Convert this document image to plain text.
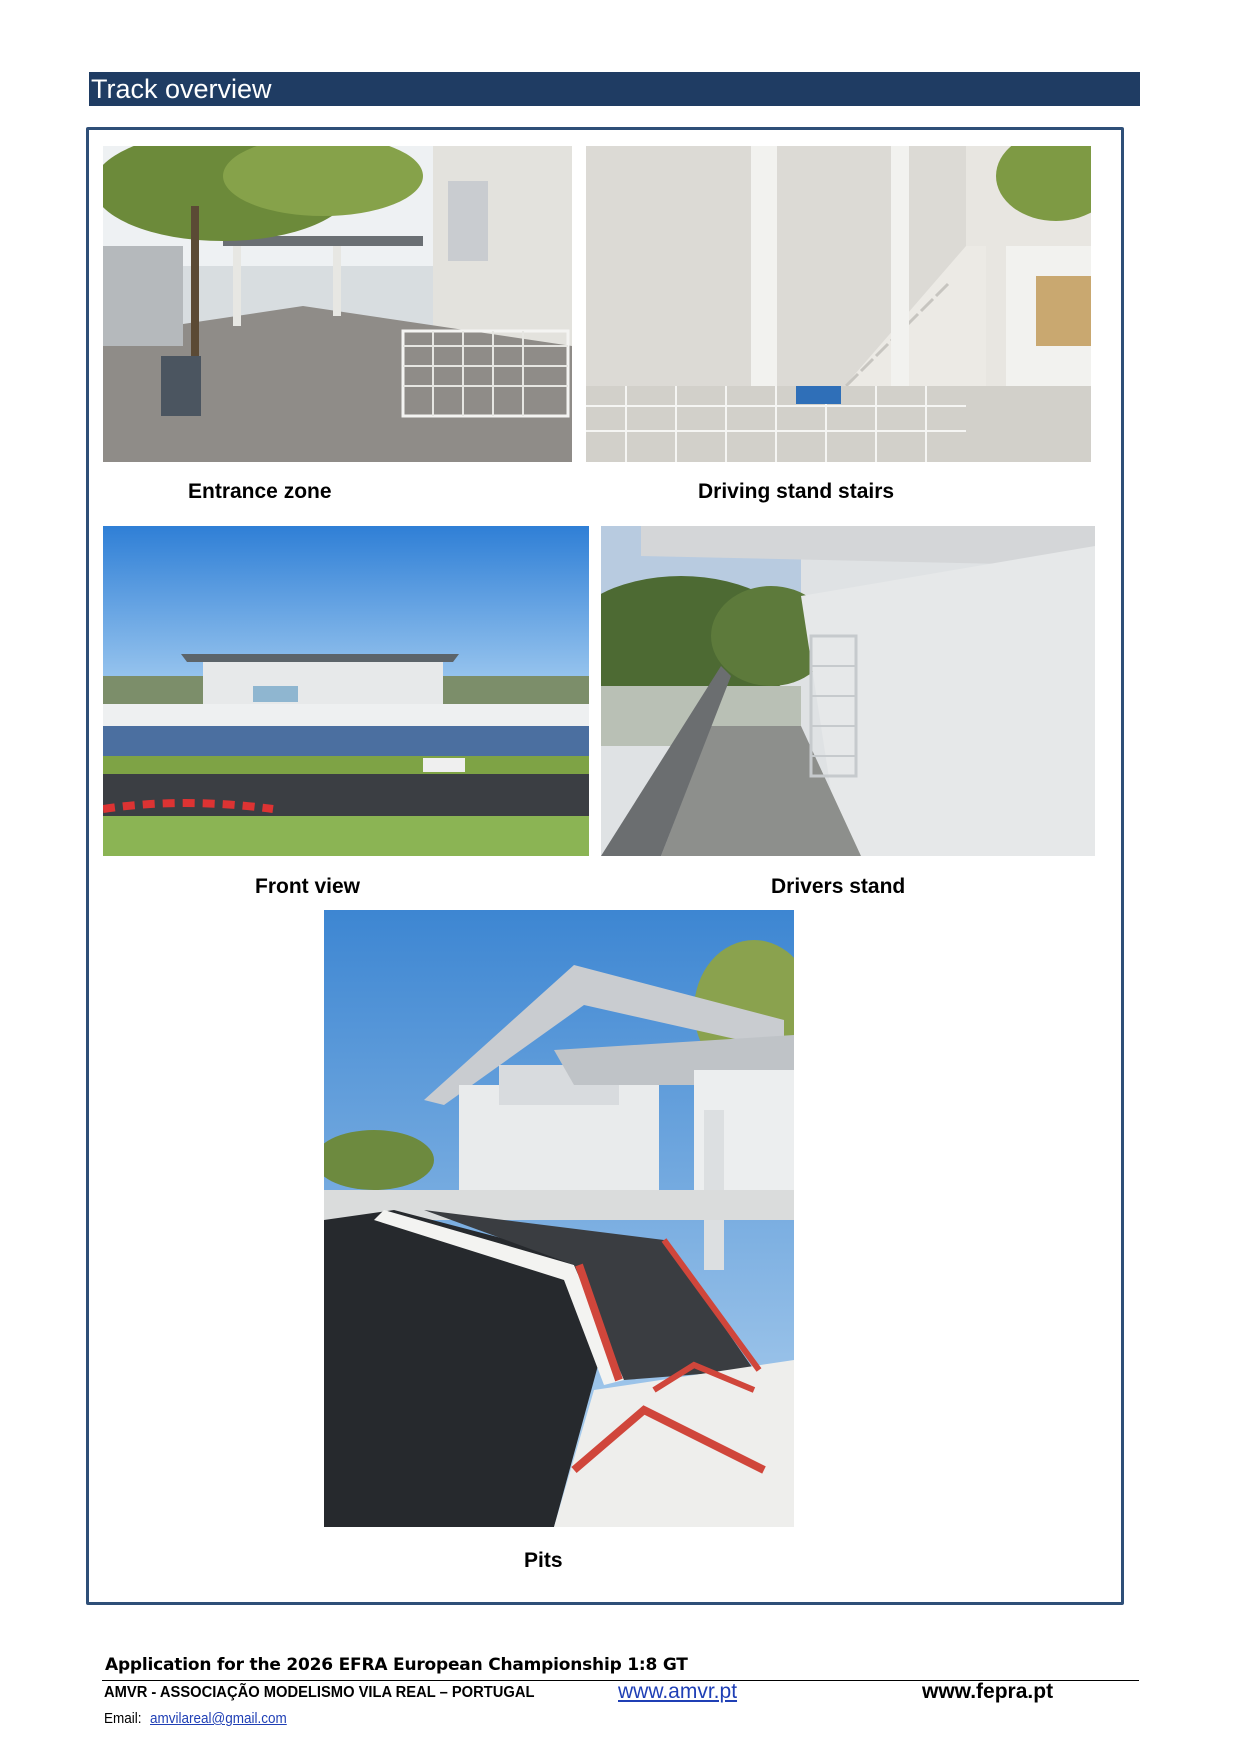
Track overview
Entrance zone	Driving stand stairs
Front view	Drivers stand
Pits
Application for the 2026 EFRA European Championship 1:8 GT
AMVR - ASSOCIAÇÃO MODELISMO VILA REAL – PORTUGAL	www.amvr.pt	www.fepra.pt
Email: amvilareal@gmail.com
